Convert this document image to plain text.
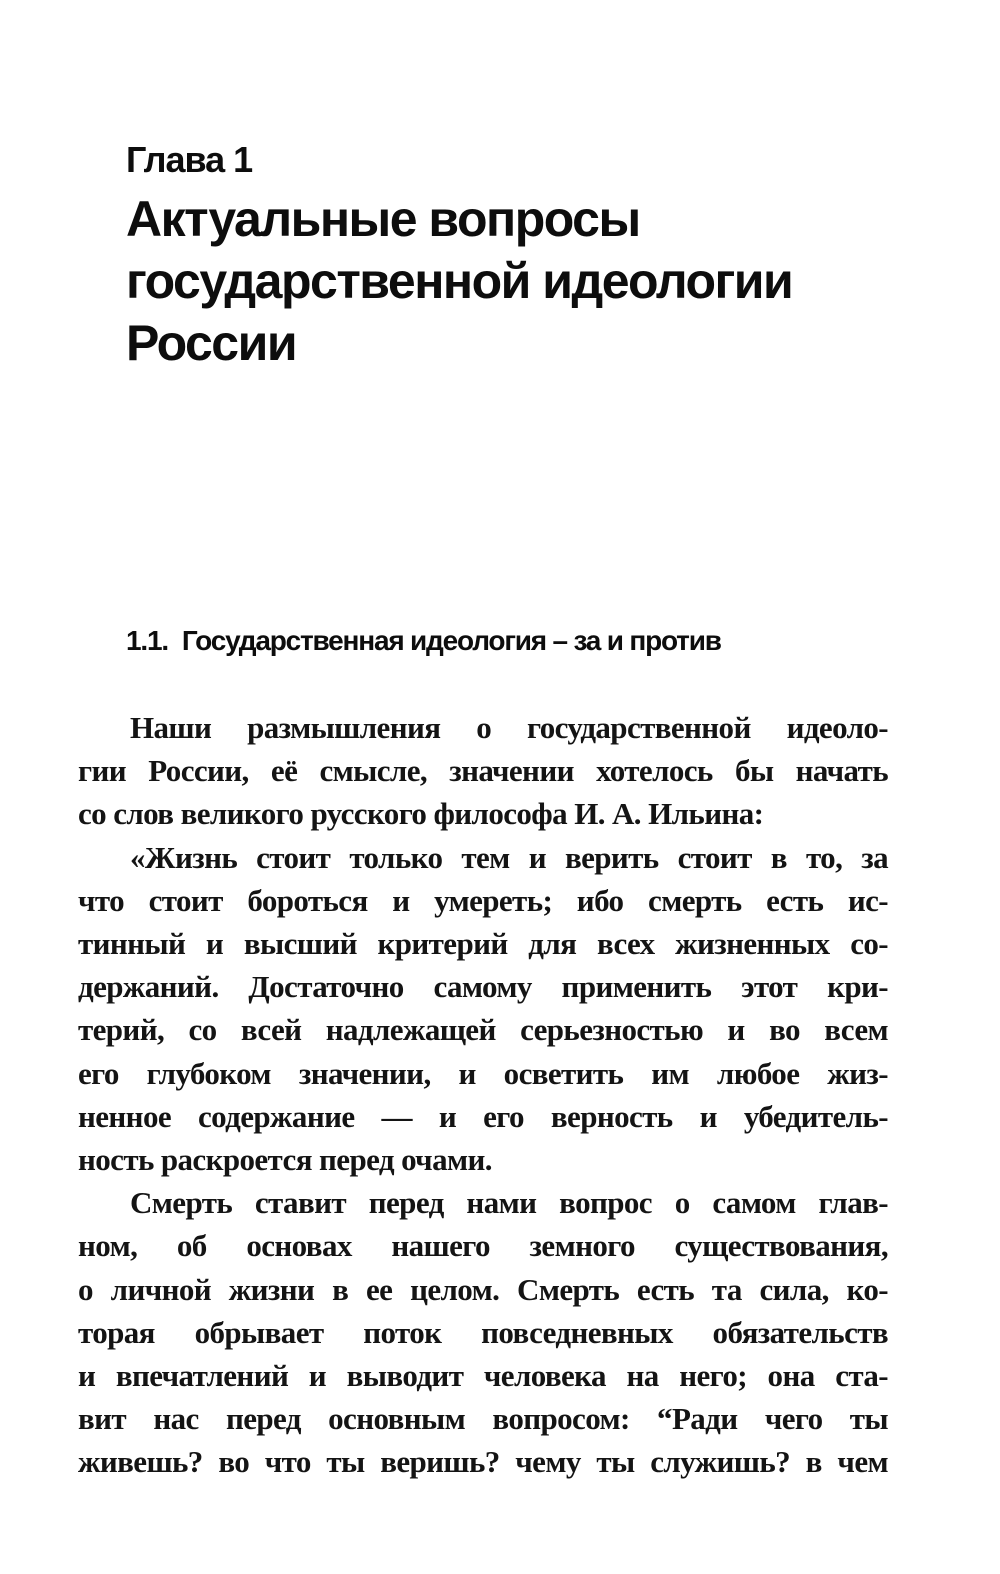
Глава 1
Актуальные вопросы
государственной идеологии
России
1.1. Государственная идеология – за и против
Наши размышления о государственной идеоло-
гии России, её смысле, значении хотелось бы начать
со слов великого русского философа И. А. Ильина:
«Жизнь стоит только тем и верить стоит в то, за
что стоит бороться и умереть; ибо смерть есть ис-
тинный и высший критерий для всех жизненных со-
держаний. Достаточно самому применить этот кри-
терий, со всей надлежащей серьезностью и во всем
его глубоком значении, и осветить им любое жиз-
ненное содержание — и его верность и убедитель-
ность раскроется перед очами.
Смерть ставит перед нами вопрос о самом глав-
ном, об основах нашего земного существования,
о личной жизни в ее целом. Смерть есть та сила, ко-
торая обрывает поток повседневных обязательств
и впечатлений и выводит человека на него; она ста-
вит нас перед основным вопросом: “Ради чего ты
живешь? во что ты веришь? чему ты служишь? в чем
